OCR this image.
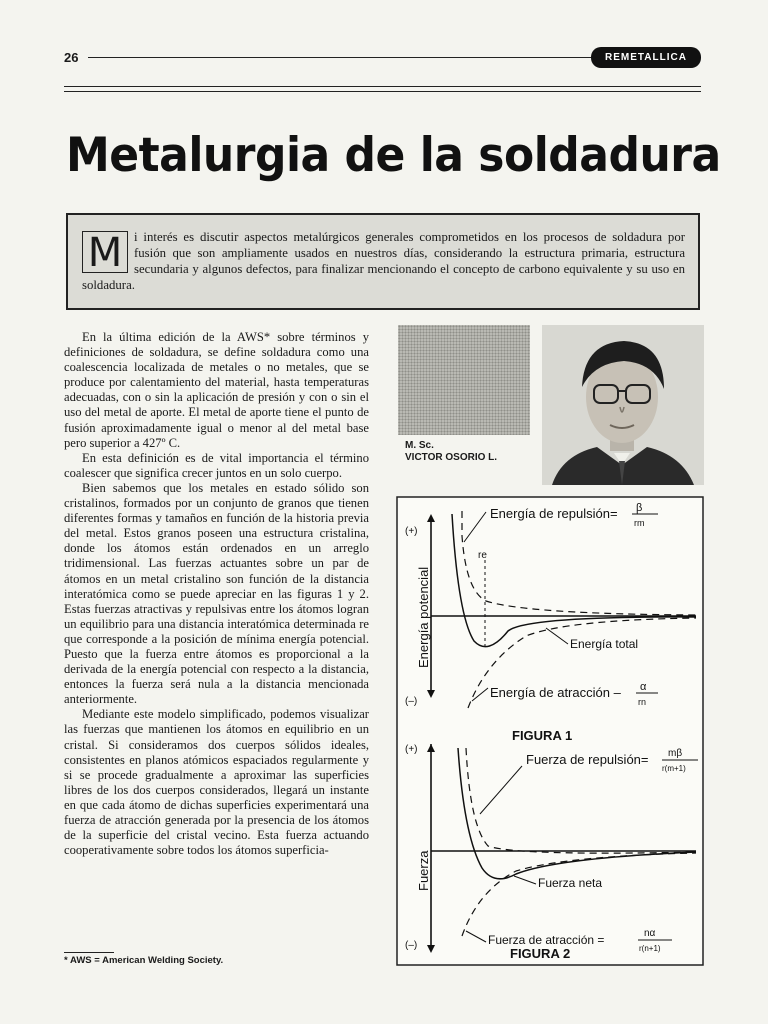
26	REMETALLICA
Metalurgia de la soldadura
M i interés es discutir aspectos metalúrgicos generales comprometidos en los procesos de soldadura por fusión que son ampliamente usados en nuestros días, considerando la estructura primaria, estructura secundaria y algunos defectos, para finalizar mencionando el concepto de carbono equivalente y su uso en soldadura.

En la última edición de la AWS* sobre términos y definiciones de soldadura, se define soldadura como una coalescencia localizada de metales o no metales, que se produce por calentamiento del material, hasta temperaturas adecuadas, con o sin la aplicación de presión y con o sin el uso del metal de aporte. El metal de aporte tiene el punto de fusión aproximadamente igual o menor al del metal base pero superior a 427º C.

En esta definición es de vital importancia el término coalescer que significa crecer juntos en un solo cuerpo.

Bien sabemos que los metales en estado sólido son cristalinos, formados por un conjunto de granos que tienen diferentes formas y tamaños en función de la historia previa del metal. Estos granos poseen una estructura cristalina, donde los átomos están ordenados en un arreglo tridimensional. Las fuerzas actuantes sobre un par de átomos en un metal cristalino son función de la distancia interatómica como se puede apreciar en las figuras 1 y 2. Estas fuerzas atractivas y repulsivas entre los átomos logran un equilibrio para una distancia interatómica determinada re que corresponde a la posición de mínima energía potencial. Puesto que la fuerza entre átomos es proporcional a la derivada de la energía potencial con respecto a la distancia, entonces la fuerza será nula a la distancia mencionada anteriormente.

Mediante este modelo simplificado, podemos visualizar las fuerzas que mantienen los átomos en equilibrio en un cristal. Si consideramos dos cuerpos sólidos ideales, consistentes en planos atómicos espaciados regularmente y si se procede gradualmente a aproximar las superficies libres de los dos cuerpos considerados, llegará un instante en que cada átomo de dichas superficies experimentará una fuerza de atracción generada por la presencia de los átomos de la superficie del cristal vecino. Esta fuerza actuando cooperativamente sobre todos los átomos superficia-

* AWS = American Welding Society.
M. Sc.
VICTOR OSORIO L.
(+)
(–)
Energía potencial
re
Energía de repulsión= β
rm
Energía total
Energía de atracción – α
rn
FIGURA 1
(+)
(–)
Fuerza
Fuerza de repulsión= mβ
r(m+1)
Fuerza neta
Fuerza de atracción =	nα
r(n+1)
FIGURA 2
